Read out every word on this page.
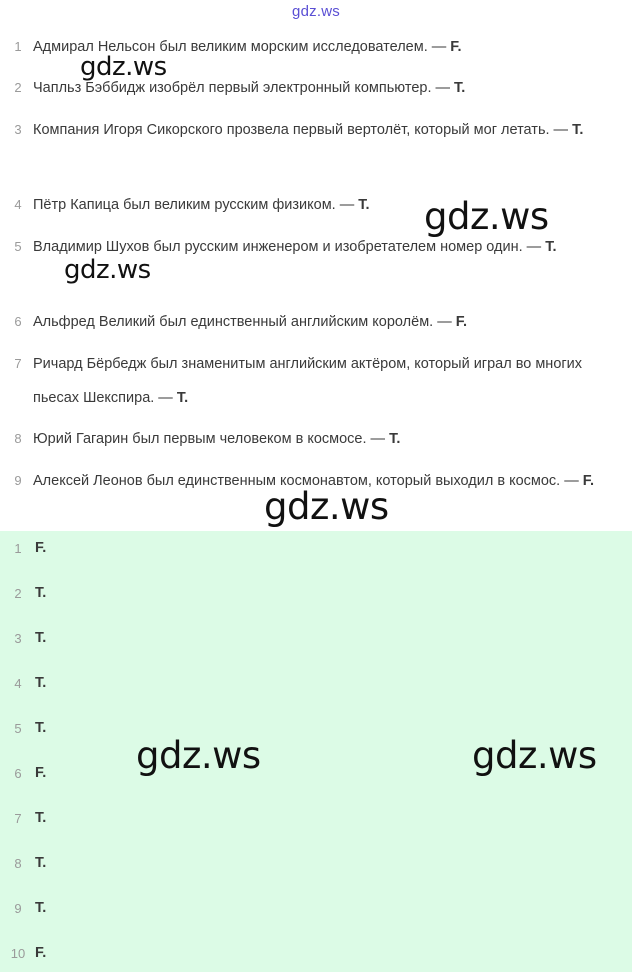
gdz.ws
1 Адмирал Нельсон был великим морским исследователем. — F.
2 Чапльз Бэббидж изобрёл первый электронный компьютер. — T.
3 Компания Игоря Сикорского прозвела первый вертолёт, который мог летать. — T.
4 Пётр Капица был великим русским физиком. — T.
5 Владимир Шухов был русским инженером и изобретателем номер один. — T.
6 Альфред Великий был единственный английским королём. — F.
7 Ричард Бёрбедж был знаменитым английским актёром, который играл во многих пьесах Шекспира. — T.
8 Юрий Гагарин был первым человеком в космосе. — T.
9 Алексей Леонов был единственным космонавтом, который выходил в космос. — F.
1 F.
2 T.
3 T.
4 T.
5 T.
6 F.
7 T.
8 T.
9 T.
10 F.
gdz.ws
gdz.ws
gdz.ws
gdz.ws
gdz.ws	gdz.ws
